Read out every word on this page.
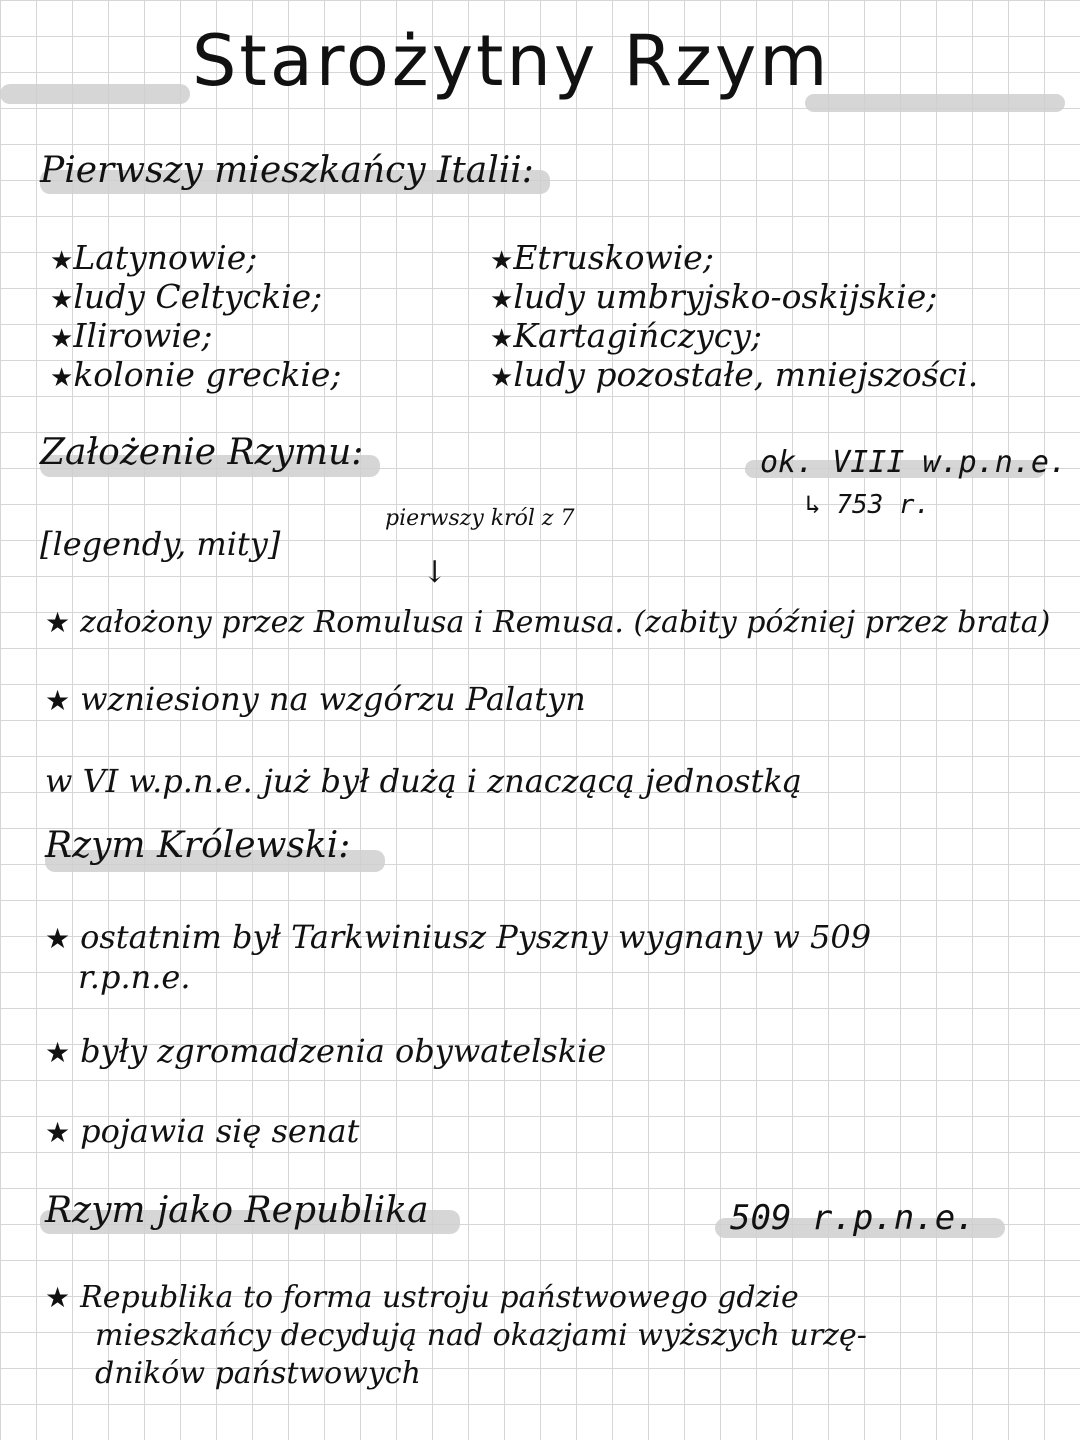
Starożytny Rzym
Pierwszy mieszkańcy Italii:
★ Latynowie;
★ ludy Celtyckie;
★ Ilirowie;
★ kolonie greckie;
★ Etruskowie;
★ ludy umbryjsko-oskijskie;
★ Kartagińczycy;
★ ludy pozostałe, mniejszości.
Założenie Rzymu:	ok. VIII w.p.n.e.
↳ 753 r.
pierwszy król z 7
[legendy, mity]
↓
★ założony przez Romulusa i Remusa. (zabity później przez brata)
★ wzniesiony na wzgórzu Palatyn
w VI w.p.n.e. już był dużą i znaczącą jednostką
Rzym Królewski:
★ ostatnim był Tarkwiniusz Pyszny wygnany w 509
r.p.n.e.
★ były zgromadzenia obywatelskie
★ pojawia się senat
Rzym jako Republika	509 r.p.n.e.
★ Republika to forma ustroju państwowego gdzie
mieszkańcy decydują nad okazjami wyższych urzę-
dników państwowych
